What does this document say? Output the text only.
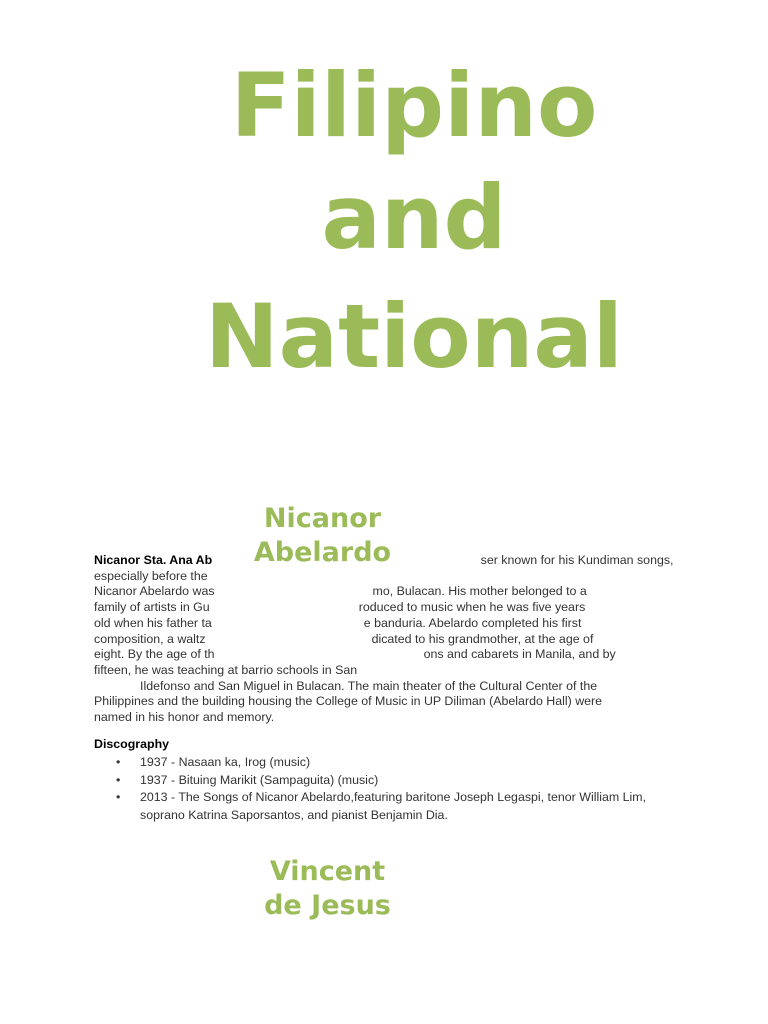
Filipino

and

National

Nicanor Sta. Ana Ab	ser known for his Kundiman songs,
especially before the
Nicanor Abelardo was	mo, Bulacan. His mother belonged to a
family of artists in Gu	roduced to music when he was five years
old when his father ta	e banduria. Abelardo completed his first
composition, a waltz	dicated to his grandmother, at the age of
eight. By the age of th	ons and cabarets in Manila, and by
fifteen, he was teaching at barrio schools in San
Ildefonso and San Miguel in Bulacan. The main theater of the Cultural Center of the
Philippines and the building housing the College of Music in UP Diliman (Abelardo Hall) were
named in his honor and memory.
Nicanor
Abelardo

Discography

• 1937 - Nasaan ka, Irog (music)
• 1937 - Bituing Marikit (Sampaguita) (music)
• 2013 - The Songs of Nicanor Abelardo,featuring baritone Joseph Legaspi, tenor William Lim, soprano Katrina Saporsantos, and pianist Benjamin Dia.
Vincent
de Jesus
